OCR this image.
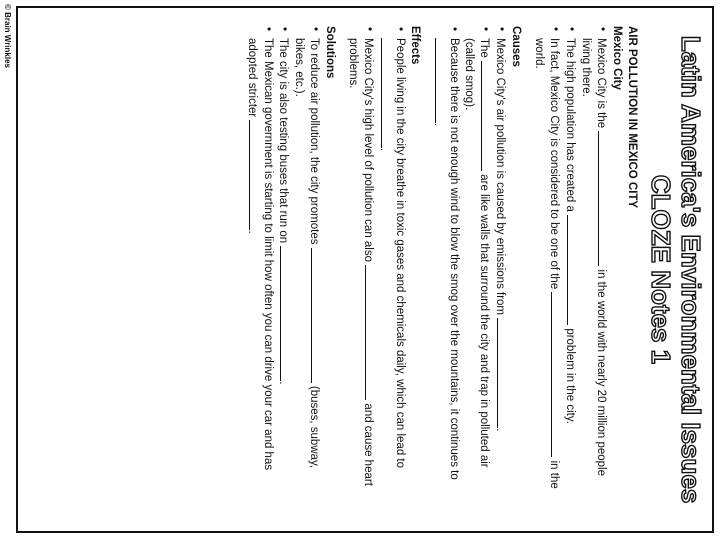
© Brain Wrinkles	Latin America's Environmental Issues
CLOZE Notes 1

AIR POLLUTION IN MEXICO CITY

Mexico City

• Mexico City is the  in the world with nearly 20 million people living there.
• The high population has created a  problem in the city.
• In fact, Mexico City is considered to be one of the  in the world.

Causes

• Mexico City's air pollution is caused by emissions from .
• The  are like walls that surround the city and trap in polluted air (called smog).
• Because there is not enough wind to blow the smog over the mountains, it continues to .

Effects

• People living in the city breathe in toxic gases and chemicals daily, which can lead to .
• Mexico City's high level of pollution can also  and cause heart problems.

Solutions

• To reduce air pollution, the city promotes  (buses, subway, bikes, etc.).
• The city is also testing buses that run on .
• The Mexican government is starting to limit how often you can drive your car and has adopted stricter .
